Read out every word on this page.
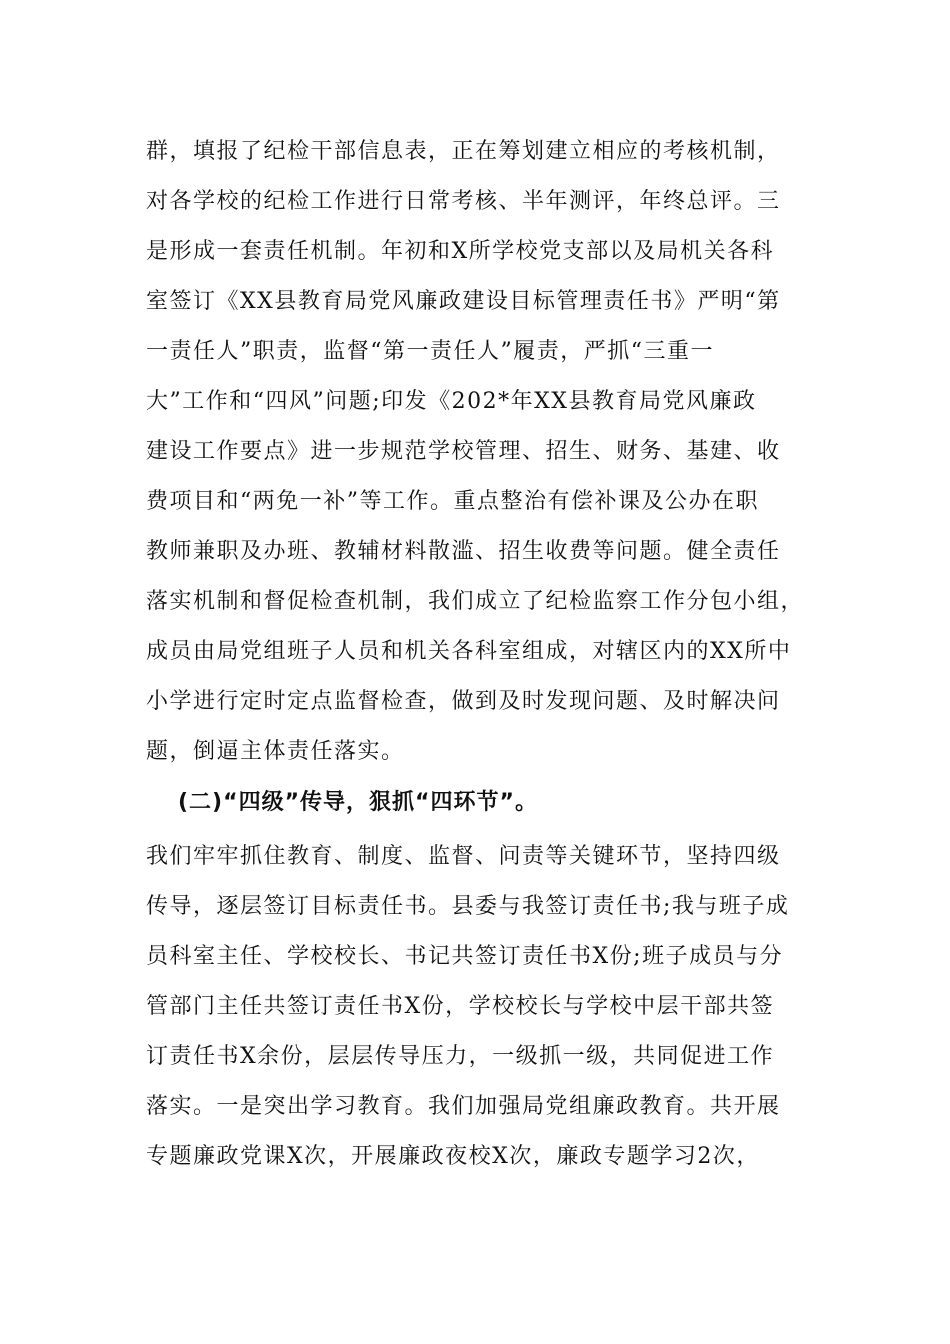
群，填报了纪检干部信息表，正在筹划建立相应的考核机制，
对各学校的纪检工作进行日常考核、半年测评，年终总评。三
是形成一套责任机制。年初和X所学校党支部以及局机关各科
室签订《XX县教育局党风廉政建设目标管理责任书》严明“第
一责任人”职责，监督“第一责任人”履责，严抓“三重一
大”工作和“四风”问题;印发《202*年XX县教育局党风廉政
建设工作要点》进一步规范学校管理、招生、财务、基建、收
费项目和“两免一补”等工作。重点整治有偿补课及公办在职
教师兼职及办班、教辅材料散滥、招生收费等问题。健全责任
落实机制和督促检查机制，我们成立了纪检监察工作分包小组，
成员由局党组班子人员和机关各科室组成，对辖区内的XX所中
小学进行定时定点监督检查，做到及时发现问题、及时解决问
题，倒逼主体责任落实。
(二)“四级”传导，狠抓“四环节”。
我们牢牢抓住教育、制度、监督、问责等关键环节，坚持四级
传导，逐层签订目标责任书。县委与我签订责任书;我与班子成
员科室主任、学校校长、书记共签订责任书X份;班子成员与分
管部门主任共签订责任书X份，学校校长与学校中层干部共签
订责任书X余份，层层传导压力，一级抓一级，共同促进工作
落实。一是突出学习教育。我们加强局党组廉政教育。共开展
专题廉政党课X次，开展廉政夜校X次，廉政专题学习2次，
